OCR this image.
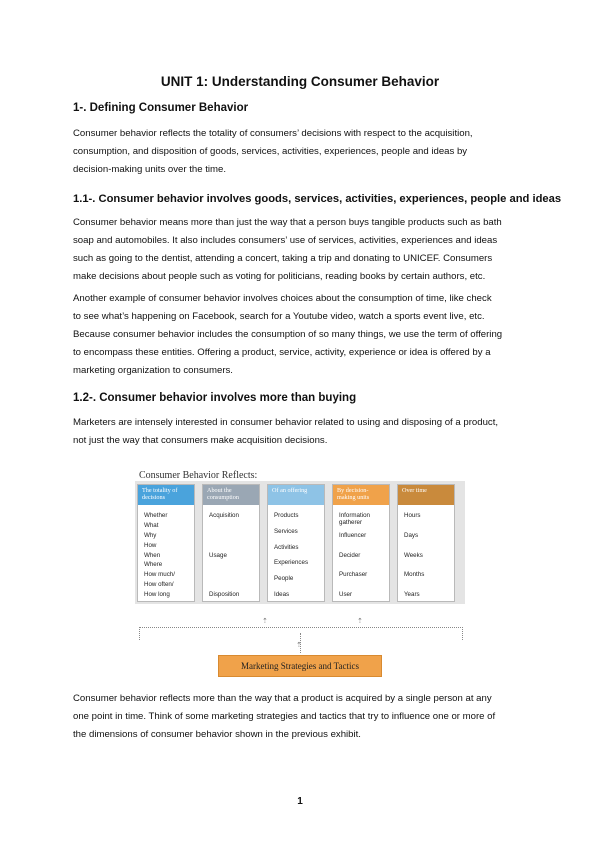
UNIT 1: Understanding Consumer Behavior
1-. Defining Consumer Behavior
Consumer behavior reflects the totality of consumers’ decisions with respect to the acquisition,
consumption, and disposition of goods, services, activities, experiences, people and ideas by
decision-making units over the time.
1.1-. Consumer behavior involves goods, services, activities, experiences, people and ideas
Consumer behavior means more than just the way that a person buys tangible products such as bath
soap and automobiles. It also includes consumers’ use of services, activities, experiences and ideas
such as going to the dentist, attending a concert, taking a trip and donating to UNICEF. Consumers
make decisions about people such as voting for politicians, reading books by certain authors, etc.
Another example of consumer behavior involves choices about the consumption of time, like check
to see what’s happening on Facebook, search for a Youtube video, watch a sports event live, etc.
Because consumer behavior includes the consumption of so many things, we use the term of offering
to encompass these entities. Offering a product, service, activity, experience or idea is offered by a
marketing organization to consumers.
1.2-. Consumer behavior involves more than buying
Marketers are intensely interested in consumer behavior related to using and disposing of a product,
not just the way that consumers make acquisition decisions.
Consumer Behavior Reflects:
The totality of decisions
Whether
What
Why
How
When
Where
How much/
How often/
How long
About the consumption
Acquisition
Usage
Disposition
Of an offering
Products
Services
Activities
Experiences
People
Ideas
By decision-making units
Information gatherer
Influencer
Decider
Purchaser
User
Over time
Hours
Days
Weeks
Months
Years
⇡	⇡
⇡
Marketing Strategies and Tactics
Consumer behavior reflects more than the way that a product is acquired by a single person at any
one point in time. Think of some marketing strategies and tactics that try to influence one or more of
the dimensions of consumer behavior shown in the previous exhibit.
1
